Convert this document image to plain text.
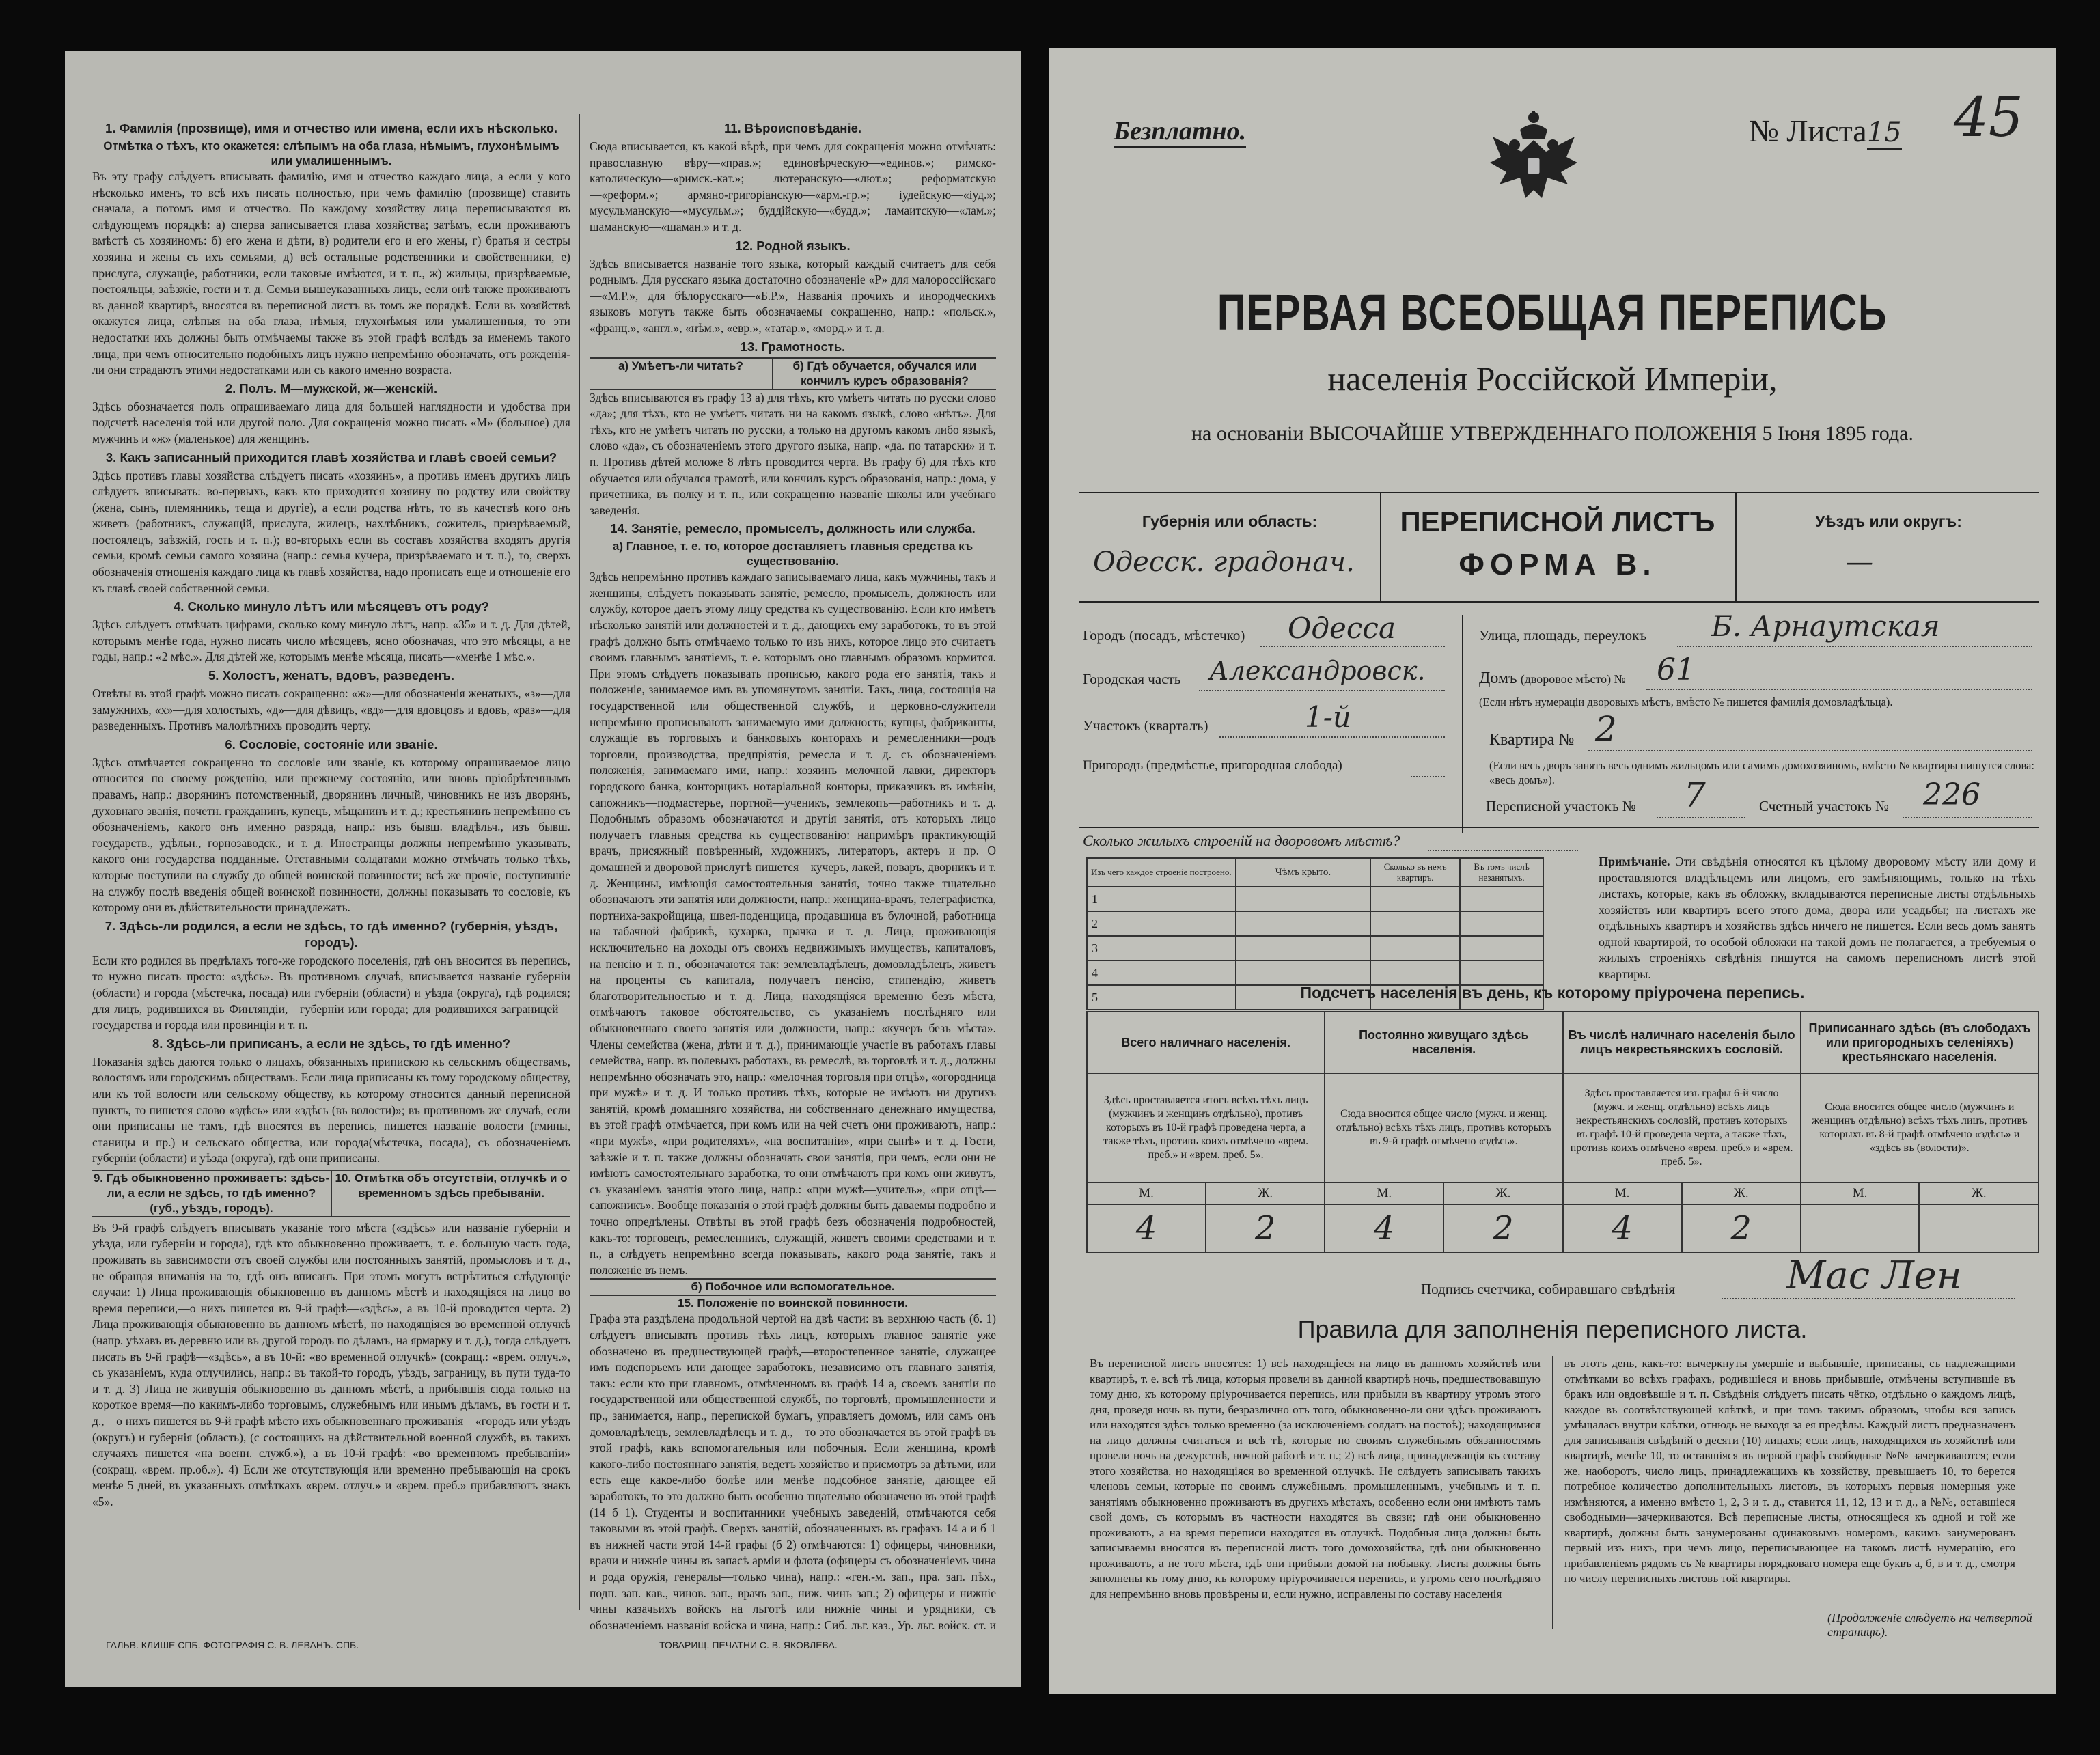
1. Фамилія (прозвище), имя и отчество или имена, если ихъ нѣсколько.

Отмѣтка о тѣхъ, кто окажется: слѣпымъ на оба глаза, нѣмымъ, глухонѣмымъ или умалишеннымъ.

Въ эту графу слѣдуетъ вписывать фамилію, имя и отчество каждаго лица, а если у кого нѣсколько именъ, то всѣ ихъ писать полностью, при чемъ фамилію (прозвище) ставить сначала, а потомъ имя и отчество. По каждому хозяйству лица переписываются въ слѣдующемъ порядкѣ: а) сперва записывается глава хозяйства; затѣмъ, если проживаютъ вмѣстѣ съ хозяиномъ: б) его жена и дѣти, в) родители его и его жены, г) братья и сестры хозяина и жены съ ихъ семьями, д) всѣ остальные родственники и свойственники, е) прислуга, служащіе, работники, если таковые имѣются, и т. п., ж) жильцы, призрѣваемые, постояльцы, заѣзжіе, гости и т. д. Семьи вышеуказанныхъ лицъ, если онѣ также проживаютъ въ данной квартирѣ, вносятся въ переписной листъ въ томъ же порядкѣ. Если въ хозяйствѣ окажутся лица, слѣпыя на оба глаза, нѣмыя, глухонѣмыя или умалишенныя, то эти недостатки ихъ должны быть отмѣчаемы также въ этой графѣ вслѣдъ за именемъ такого лица, при чемъ относительно подобныхъ лицъ нужно непремѣнно обозначать, отъ рожденія-ли они страдаютъ этими недостатками или съ какого именно возраста.

2. Полъ. М—мужской, ж—женскій.

Здѣсь обозначается полъ опрашиваемаго лица для большей наглядности и удобства при подсчетѣ населенія той или другой поло. Для сокращенія можно писать «М» (большое) для мужчинъ и «ж» (маленькое) для женщинъ.

3. Какъ записанный приходится главѣ хозяйства и главѣ своей семьи?

Здѣсь противъ главы хозяйства слѣдуетъ писать «хозяинъ», а противъ именъ другихъ лицъ слѣдуетъ вписывать: во-первыхъ, какъ кто приходится хозяину по родству или свойству (жена, сынъ, племянникъ, теща и другіе), а если родства нѣтъ, то въ качествѣ кого онъ живетъ (работникъ, служащій, прислуга, жилецъ, нахлѣбникъ, сожитель, призрѣваемый, постоялецъ, заѣзжій, гость и т. п.); во-вторыхъ если въ составъ хозяйства входятъ другія семьи, кромѣ семьи самого хозяина (напр.: семья кучера, призрѣваемаго и т. п.), то, сверхъ обозначенія отношенія каждаго лица къ главѣ хозяйства, надо прописать еще и отношеніе его къ главѣ своей собственной семьи.

4. Сколько минуло лѣтъ или мѣсяцевъ отъ роду?

Здѣсь слѣдуетъ отмѣчать цифрами, сколько кому минуло лѣтъ, напр. «35» и т. д. Для дѣтей, которымъ менѣе года, нужно писать число мѣсяцевъ, ясно обозначая, что это мѣсяцы, а не годы, напр.: «2 мѣс.». Для дѣтей же, которымъ менѣе мѣсяца, писать—«менѣе 1 мѣс.».

5. Холостъ, женатъ, вдовъ, разведенъ.

Отвѣты въ этой графѣ можно писать сокращенно: «ж»—для обозначенія женатыхъ, «з»—для замужнихъ, «х»—для холостыхъ, «д»—для дѣвицъ, «вд»—для вдовцовъ и вдовъ, «раз»—для разведенныхъ. Противъ малолѣтнихъ проводить черту.

6. Сословіе, состояніе или званіе.

Здѣсь отмѣчается сокращенно то сословіе или званіе, къ которому опрашиваемое лицо относится по своему рожденію, или прежнему состоянію, или вновь пріобрѣтеннымъ правамъ, напр.: дворянинъ потомственный, дворянинъ личный, чиновникъ не изъ дворянъ, духовнаго званія, почетн. гражданинъ, купецъ, мѣщанинъ и т. д.; крестьянинъ непремѣнно съ обозначеніемъ, какого онъ именно разряда, напр.: изъ бывш. владѣльч., изъ бывш. государств., удѣльн., горнозаводск., и т. д. Иностранцы должны непремѣнно указывать, какого они государства подданные. Отставными солдатами можно отмѣчать только тѣхъ, которые поступили на службу до общей воинской повинности; всѣ же прочіе, поступившіе на службу послѣ введенія общей воинской повинности, должны показывать то сословіе, къ которому они въ дѣйствительности принадлежатъ.

7. Здѣсь-ли родился, а если не здѣсь, то гдѣ именно? (губернія, уѣздъ, городъ).

Если кто родился въ предѣлахъ того-же городского поселенія, гдѣ онъ вносится въ перепись, то нужно писать просто: «здѣсь». Въ противномъ случаѣ, вписывается названіе губерніи (области) и города (мѣстечка, посада) или губерніи (области) и уѣзда (округа), гдѣ родился; для лицъ, родившихся въ Финляндіи,—губерніи или города; для родившихся заграницей—государства и города или провинціи и т. п.

8. Здѣсь-ли приписанъ, а если не здѣсь, то гдѣ именно?

Показанія здѣсь даются только о лицахъ, обязанныхъ припискою къ сельскимъ обществамъ, волостямъ или городскимъ обществамъ. Если лица приписаны къ тому городскому обществу, или къ той волости или сельскому обществу, къ которому относится данный переписной пунктъ, то пишется слово «здѣсь» или «здѣсь (въ волости)»; въ противномъ же случаѣ, если они приписаны не тамъ, гдѣ вносятся въ перепись, пишется названіе волости (гмины, станицы и пр.) и сельскаго общества, или города(мѣстечка, посада), съ обозначеніемъ губерніи (области) и уѣзда (округа), гдѣ они приписаны.

9. Гдѣ обыкновенно проживаетъ: здѣсь-ли, а если не здѣсь, то гдѣ именно? (губ., уѣздъ, городъ).
10. Отмѣтка объ отсутствіи, отлучкѣ и о временномъ здѣсь пребываніи.

Въ 9-й графѣ слѣдуетъ вписывать указаніе того мѣста («здѣсь» или названіе губерніи и уѣзда, или губерніи и города), гдѣ кто обыкновенно проживаетъ, т. е. большую часть года, проживать въ зависимости отъ своей службы или постоянныхъ занятій, промысловъ и т. д., не обращая вниманія на то, гдѣ онъ вписанъ. При этомъ могутъ встрѣтиться слѣдующіе случаи: 1) Лица проживающія обыкновенно въ данномъ мѣстѣ и находящіяся на лицо во время переписи,—о нихъ пишется въ 9-й графѣ—«здѣсь», а въ 10-й проводится черта. 2) Лица проживающія обыкновенно въ данномъ мѣстѣ, но находящіяся во временной отлучкѣ (напр. уѣхавъ въ деревню или въ другой городъ по дѣламъ, на ярмарку и т. д.), тогда слѣдуетъ писать въ 9-й графѣ—«здѣсь», а въ 10-й: «во временной отлучкѣ» (сокращ.: «врем. отлуч.», съ указаніемъ, куда отлучились, напр.: въ такой-то городъ, уѣздъ, заграницу, въ пути туда-то и т. д. 3) Лица не живущія обыкновенно въ данномъ мѣстѣ, а прибывшія сюда только на короткое время—по какимъ-либо торговымъ, служебнымъ или инымъ дѣламъ, въ гости и т. д.,—о нихъ пишется въ 9-й графѣ мѣсто ихъ обыкновеннаго проживанія—«городъ или уѣздъ (округъ) и губернія (область), (с состоящихъ на дѣйствительной военной службѣ, въ такихъ случаяхъ пишется «на военн. служб.»), а въ 10-й графѣ: «во временномъ пребываніи» (сокращ. «врем. пр.об.»). 4) Если же отсутствующія или временно пребывающія на срокъ менѣе 5 дней, въ указанныхъ отмѣткахъ «врем. отлуч.» и «врем. преб.» прибавляютъ знакъ «5».

ГАЛЬВ. КЛИШЕ СПБ. ФОТОГРАФІЯ С. В. ЛЕВАНЪ. СПБ.

11. Вѣроисповѣданіе.

Сюда вписывается, къ какой вѣрѣ, при чемъ для сокращенія можно отмѣчать: православную вѣру—«прав.»; единовѣрческую—«единов.»; римско-католическую—«римск.-кат.»; лютеранскую—«лют.»; реформатскую—«реформ.»; армяно-григоріанскую—«арм.-гр.»; іудейскую—«іуд.»; мусульманскую—«мусульм.»; буддійскую—«будд.»; ламаитскую—«лам.»; шаманскую—«шаман.» и т. д.

12. Родной языкъ.

Здѣсь вписывается названіе того языка, который каждый считаетъ для себя роднымъ. Для русскаго языка достаточно обозначеніе «Р» для малороссійскаго—«М.Р.», для бѣлорусскаго—«Б.Р.», Названія прочихъ и инородческихъ языковъ могутъ также быть обозначаемы сокращенно, напр.: «польск.», «франц.», «англ.», «нѣм.», «евр.», «татар.», «морд.» и т. д.

13. Грамотность.

а) Умѣетъ-ли читать?	б) Гдѣ обучается, обучался или кончилъ курсъ образованія?

Здѣсь вписываются въ графу 13 а) для тѣхъ, кто умѣетъ читать по русски слово «да»; для тѣхъ, кто не умѣетъ читать ни на какомъ языкѣ, слово «нѣтъ». Для тѣхъ, кто не умѣетъ читать по русски, а только на другомъ какомъ либо языкѣ, слово «да», съ обозначеніемъ этого другого языка, напр. «да. по татарски» и т. п. Противъ дѣтей моложе 8 лѣтъ проводится черта. Въ графу б) для тѣхъ кто обучается или обучался грамотѣ, или кончилъ курсъ образованія, напр.: дома, у причетника, въ полку и т. п., или сокращенно названіе школы или учебнаго заведенія.

14. Занятіе, ремесло, промыселъ, должность или служба.

а) Главное, т. е. то, которое доставляетъ главныя средства къ существованію.

Здѣсь непремѣнно противъ каждаго записываемаго лица, какъ мужчины, такъ и женщины, слѣдуетъ показывать занятіе, ремесло, промыселъ, должность или службу, которое даетъ этому лицу средства къ существованію. Если кто имѣетъ нѣсколько занятій или должностей и т. д., дающихъ ему заработокъ, то въ этой графѣ должно быть отмѣчаемо только то изъ нихъ, которое лицо это считаетъ своимъ главнымъ занятіемъ, т. е. которымъ оно главнымъ образомъ кормится. При этомъ слѣдуетъ показывать прописью, какого рода его занятія, такъ и положеніе, занимаемое имъ въ упомянутомъ занятіи. Такъ, лица, состоящія на государственной или общественной службѣ, и церковно-служители непремѣнно прописываютъ занимаемую ими должность; купцы, фабриканты, служащіе въ торговыхъ и банковыхъ конторахъ и ремесленники—родъ торговли, производства, предпріятія, ремесла и т. д. съ обозначеніемъ положенія, занимаемаго ими, напр.: хозяинъ мелочной лавки, директоръ городского банка, конторщикъ нотаріальной конторы, приказчикъ въ имѣніи, сапожникъ—подмастерье, портной—ученикъ, землекопъ—работникъ и т. д. Подобнымъ образомъ обозначаются и другія занятія, отъ которыхъ лицо получаетъ главныя средства къ существованію: напримѣръ практикующій врачъ, присяжный повѣренный, художникъ, литераторъ, актеръ и пр. О домашней и дворовой прислугѣ пишется—кучеръ, лакей, поваръ, дворникъ и т. д. Женщины, имѣющія самостоятельныя занятія, точно также тщательно обозначаютъ эти занятія или должности, напр.: женщина-врачъ, телеграфистка, портниха-закройщица, швея-поденщица, продавщица въ булочной, работница на табачной фабрикѣ, кухарка, прачка и т. д. Лица, проживающія исключительно на доходы отъ своихъ недвижимыхъ имуществъ, капиталовъ, на пенсію и т. п., обозначаются так: землевладѣлецъ, домовладѣлецъ, живетъ на проценты съ капитала, получаетъ пенсію, стипендію, живетъ благотворительностью и т. д. Лица, находящіяся временно безъ мѣста, отмѣчаютъ таковое обстоятельство, съ указаніемъ послѣдняго или обыкновеннаго своего занятія или должности, напр.: «кучеръ безъ мѣста». Члены семейства (жена, дѣти и т. д.), принимающіе участіе въ работахъ главы семейства, напр. въ полевыхъ работахъ, въ ремеслѣ, въ торговлѣ и т. д., должны непремѣнно обозначать это, напр.: «мелочная торговля при отцѣ», «огородница при мужѣ» и т. д. И только противъ тѣхъ, которые не имѣютъ ни другихъ занятій, кромѣ домашняго хозяйства, ни собственнаго денежнаго имущества, въ этой графѣ отмѣчается, при комъ или на чей счетъ они проживаютъ, напр.: «при мужѣ», «при родителяхъ», «на воспитаніи», «при сынѣ» и т. д. Гости, заѣзжіе и т. п. также должны обозначать свои занятія, при чемъ, если они не имѣютъ самостоятельнаго заработка, то они отмѣчаютъ при комъ они живутъ, съ указаніемъ занятія этого лица, напр.: «при мужѣ—учитель», «при отцѣ—сапожникъ». Вообще показанія о этой графѣ должны быть даваемы подробно и точно опредѣлены. Отвѣты въ этой графѣ безъ обозначенія подробностей, какъ-то: торговецъ, ремесленникъ, служащій, живетъ своими средствами и т. п., а слѣдуетъ непремѣнно всегда показывать, какого рода занятіе, такъ и положеніе въ немъ.

б) Побочное или вспомогательное.

15. Положеніе по воинской повинности.

Графа эта раздѣлена продольной чертой на двѣ части: въ верхнюю часть (б. 1) слѣдуетъ вписывать противъ тѣхъ лицъ, которыхъ главное занятіе уже обозначено въ предшествующей графѣ,—второстепенное занятіе, служащее имъ подспорьемъ или дающее заработокъ, независимо отъ главнаго занятія, такъ: если кто при главномъ, отмѣченномъ въ графѣ 14 а, своемъ занятіи по государственной или общественной службѣ, по торговлѣ, промышленности и пр., занимается, напр., перепиской бумагъ, управляетъ домомъ, или самъ онъ домовладѣлецъ, землевладѣлецъ и т. д.,—то это обозначается въ этой графѣ въ этой графѣ, какъ вспомогательныя или побочныя. Если женщина, кромѣ какого-либо постояннаго занятія, ведетъ хозяйство и присмотръ за дѣтьми, или есть еще какое-либо болѣе или менѣе подсобное занятіе, дающее ей заработокъ, то это должно быть особенно тщательно обозначено въ этой графѣ (14 б 1). Студенты и воспитанники учебныхъ заведеній, отмѣчаются себя таковыми въ этой графѣ. Сверхъ занятій, обозначенныхъ въ графахъ 14 а и б 1 въ нижней части этой 14-й графы (б 2) отмѣчаются: 1) офицеры, чиновники, врачи и нижніе чины въ запасѣ арміи и флота (офицеры съ обозначеніемъ чина и рода оружія, генералы—только чина), напр.: «ген.-м. зап., пра. зап. пѣх., подп. зап. кав., чинов. зап., врачъ зап., ниж. чинъ зап.; 2) офицеры и нижніе чины казачьихъ войскъ на льготѣ или нижніе чины и урядники, съ обозначеніемъ названія войска и чина, напр.: Сиб. льг. каз., Ур. льг. войск. ст. и

ТОВАРИЩ. ПЕЧАТНИ С. В. ЯКОВЛЕВА.
Безплатно.	№ Листа15 45
ПЕРВАЯ ВСЕОБЩАЯ ПЕРЕПИСЬ
населенія Россійской Имперіи,
на основаніи ВЫСОЧАЙШЕ УТВЕРЖДЕННАГО ПОЛОЖЕНІЯ 5 Іюня 1895 года.
Губернія или область:
Одесск. градонач.
ПЕРЕПИСНОЙ ЛИСТЪ
ФОРМА В.
Уѣздъ или округъ:
—
Городъ (посадъ, мѣстечко) Одесса
Городская часть Александровск.
Участокъ (кварталъ)	1-й
Пригородъ (предмѣстье, пригородная слобода)
Улица, площадь, переулокъ Б. Арнаутская
Домъ (дворовое мѣсто) № 61
(Если нѣтъ нумераціи дворовыхъ мѣстъ, вмѣсто № пишется фамилія домовладѣльца).
Квартира № 2
(Если весь дворъ занятъ весь однимъ жильцомъ или самимъ домохозяиномъ, вмѣсто № квартиры пишутся слова: «весь домъ»).
Переписной участокъ № 7	Счетный участокъ № 226
Сколько жилыхъ строеній на дворовомъ мѣстѣ?
Изъ чего каждое строеніе построено.	Чѣмъ крыто.	Сколько въ немъ квартиръ.	Въ томъ числѣ незанятыхъ.
1			
2			
3			
4			
5			
Примѣчаніе. Эти свѣдѣнія относятся къ цѣлому дворовому мѣсту или дому и проставляются владѣльцемъ или лицомъ, его замѣняющимъ, только на тѣхъ листахъ, которые, какъ въ обложку, вкладываются переписные листы отдѣльныхъ хозяйствъ или квартиръ всего этого дома, двора или усадьбы; на листахъ же отдѣльныхъ квартиръ и хозяйствъ здѣсь ничего не пишется. Если весь домъ занятъ одной квартирой, то особой обложки на такой домъ не полагается, а требуемыя о жилыхъ строеніяхъ свѣдѣнія пишутся на самомъ переписномъ листѣ этой квартиры.
Подсчетъ населенія въ день, къ которому пріурочена перепись.
Всего наличнаго населенія.		Постоянно живущаго здѣсь населенія.		Въ числѣ наличнаго населенія было лицъ некрестьянскихъ сословій.		Приписаннаго здѣсь (въ слободахъ или пригородныхъ селеніяхъ) крестьянскаго населенія.	
Здѣсь проставляется итогъ всѣхъ тѣхъ лицъ (мужчинъ и женщинъ отдѣльно), противъ которыхъ въ 10-й графѣ проведена черта, а также тѣхъ, противъ коихъ отмѣчено «врем. преб.» и «врем. преб. 5».		Сюда вносится общее число (мужч. и женщ. отдѣльно) всѣхъ тѣхъ лицъ, противъ которыхъ въ 9-й графѣ отмѣчено «здѣсь».		Здѣсь проставляется изъ графы 6-й число (мужч. и женщ. отдѣльно) всѣхъ лицъ некрестьянскихъ сословій, противъ которыхъ въ графѣ 10-й проведена черта, а также тѣхъ, противъ коихъ отмѣчено «врем. преб.» и «врем. преб. 5».		Сюда вносится общее число (мужчинъ и женщинъ отдѣльно) всѣхъ тѣхъ лицъ, противъ которыхъ въ 8-й графѣ отмѣчено «здѣсь» и «здѣсь въ (волости)».	
М.	Ж.	М.	Ж.	М.	Ж.	М.	Ж.
4	2	4	2	4	2		
Подпись счетчика, собиравшаго свѣдѣнія	Мас Лен
Правила для заполненія переписного листа.
Въ переписной листъ вносятся: 1) всѣ находящіеся на лицо въ данномъ хозяйствѣ или квартирѣ, т. е. всѣ тѣ лица, которыя провели въ данной квартирѣ ночь, предшествовавшую тому дню, къ которому пріурочивается перепись, или прибыли въ квартиру утромъ этого дня, проведя ночь въ пути, безразлично отъ того, обыкновенно-ли они здѣсь проживаютъ или находятся здѣсь только временно (за исключеніемъ солдатъ на постоѣ); находящимися на лицо должны считаться и всѣ тѣ, которые по своимъ служебнымъ обязанностямъ провели ночь на дежурствѣ, ночной работѣ и т. п.; 2) всѣ лица, принадлежащія къ составу этого хозяйства, но находящіяся во временной отлучкѣ. Не слѣдуетъ записывать такихъ членовъ семьи, которые по своимъ служебнымъ, промышленнымъ, учебнымъ и т. п. занятіямъ обыкновенно проживаютъ въ другихъ мѣстахъ, особенно если они имѣютъ тамъ свой домъ, съ которымъ въ частности находятся въ связи; гдѣ они обыкновенно проживаютъ, а на время переписи находятся въ отлучкѣ. Подобныя лица должны быть записываемы вносятся въ переписной листъ того домохозяйства, гдѣ они обыкновенно проживаютъ, а не того мѣста, гдѣ они прибыли домой на побывку. Листы должны быть заполнены къ тому дню, къ которому пріурочивается перепись, и утромъ сего послѣдняго для непремѣнно вновь провѣрены и, если нужно, исправлены по составу населенія
въ этотъ день, какъ-то: вычеркнуты умершіе и выбывшіе, приписаны, съ надлежащими отмѣтками во всѣхъ графахъ, родившіеся и вновь прибывшіе, отмѣчены вступившіе въ бракъ или овдовѣвшіе и т. п. Свѣдѣнія слѣдуетъ писать чётко, отдѣльно о каждомъ лицѣ, каждое въ соотвѣтствующей клѣткѣ, и при томъ такимъ образомъ, чтобы вся запись умѣщалась внутри клѣтки, отнюдь не выходя за ея предѣлы. Каждый листъ предназначенъ для записыванія свѣдѣній о десяти (10) лицахъ; если лицъ, находящихся въ хозяйствѣ или квартирѣ, менѣе 10, то оставшіяся въ первой графѣ свободные №№ зачеркиваются; если же, наоборотъ, число лицъ, принадлежащихъ къ хозяйству, превышаетъ 10, то берется потребное количество дополнительныхъ листовъ, въ которыхъ первыя номерныя уже измѣняются, а именно вмѣсто 1, 2, 3 и т. д., ставится 11, 12, 13 и т. д., а №№, оставшіеся свободными—зачеркиваются. Всѣ переписные листы, относящіеся къ одной и той же квартирѣ, должны быть занумерованы одинаковымъ номеромъ, какимъ занумерованъ первый изъ нихъ, при чемъ лицо, переписывающее на такомъ листѣ нумерацію, его прибавленіемъ рядомъ съ № квартиры порядковаго номера еще буквъ а, б, в и т. д., смотря по числу переписныхъ листовъ той квартиры.
(Продолженіе слѣдуетъ на четвертой страницѣ).
